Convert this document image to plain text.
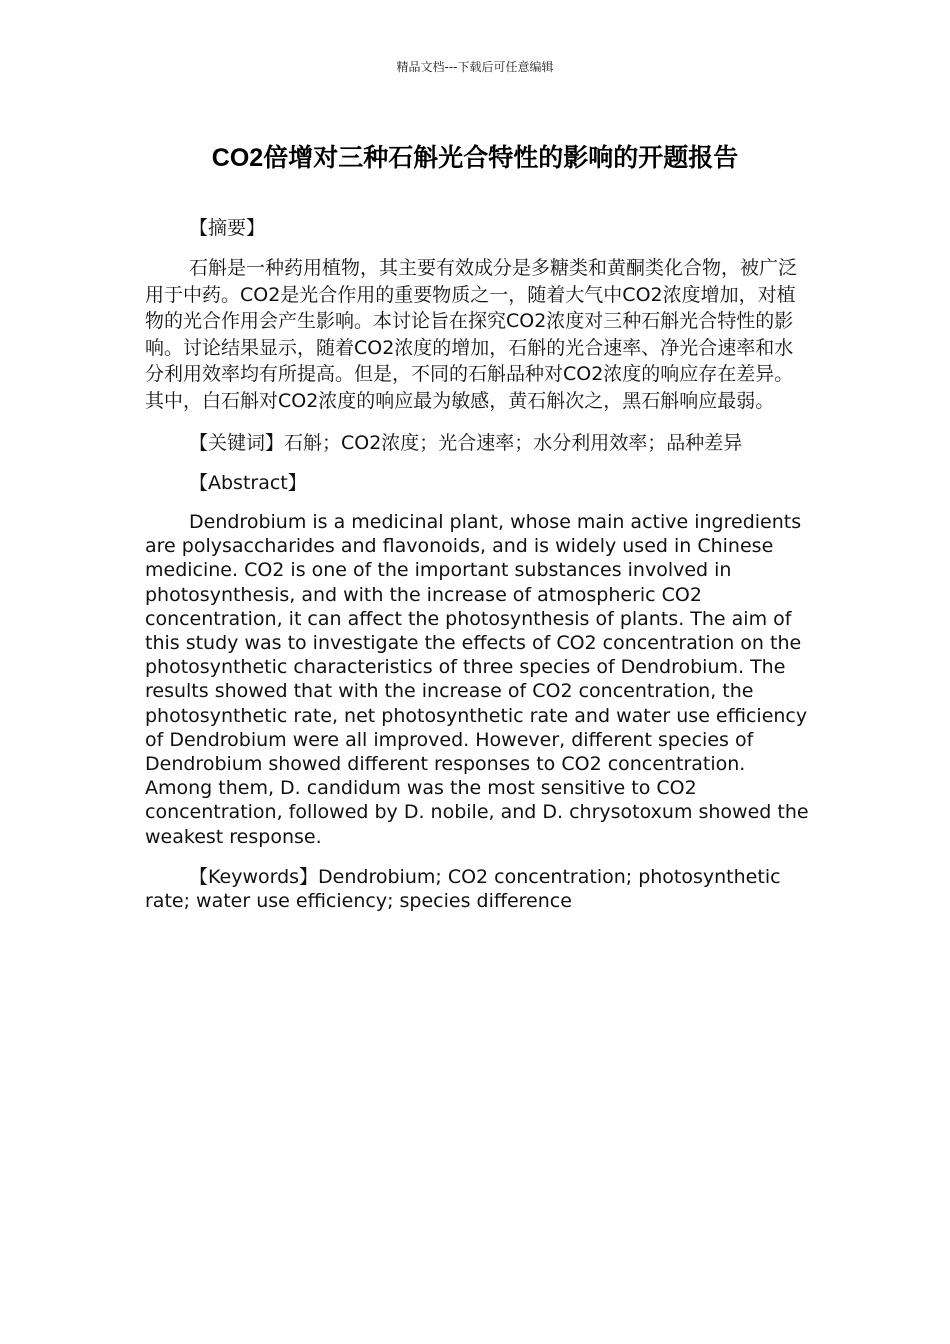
精品文档---下载后可任意编辑
CO2倍增对三种石斛光合特性的影响的开题报告

【摘要】

石斛是一种药用植物，其主要有效成分是多糖类和黄酮类化合物，被广泛用于中药。CO2是光合作用的重要物质之一，随着大气中CO2浓度增加，对植物的光合作用会产生影响。本讨论旨在探究CO2浓度对三种石斛光合特性的影响。讨论结果显示，随着CO2浓度的增加，石斛的光合速率、净光合速率和水分利用效率均有所提高。但是，不同的石斛品种对CO2浓度的响应存在差异。其中，白石斛对CO2浓度的响应最为敏感，黄石斛次之，黑石斛响应最弱。

【关键词】石斛；CO2浓度；光合速率；水分利用效率；品种差异

【Abstract】

Dendrobium is a medicinal plant, whose main active ingredients are polysaccharides and flavonoids, and is widely used in Chinese medicine. CO2 is one of the important substances involved in photosynthesis, and with the increase of atmospheric CO2 concentration, it can affect the photosynthesis of plants. The aim of this study was to investigate the effects of CO2 concentration on the photosynthetic characteristics of three species of Dendrobium. The results showed that with the increase of CO2 concentration, the photosynthetic rate, net photosynthetic rate and water use efficiency of Dendrobium were all improved. However, different species of Dendrobium showed different responses to CO2 concentration. Among them, D. candidum was the most sensitive to CO2 concentration, followed by D. nobile, and D. chrysotoxum showed the weakest response.

【Keywords】Dendrobium; CO2 concentration; photosynthetic rate; water use efficiency; species difference
